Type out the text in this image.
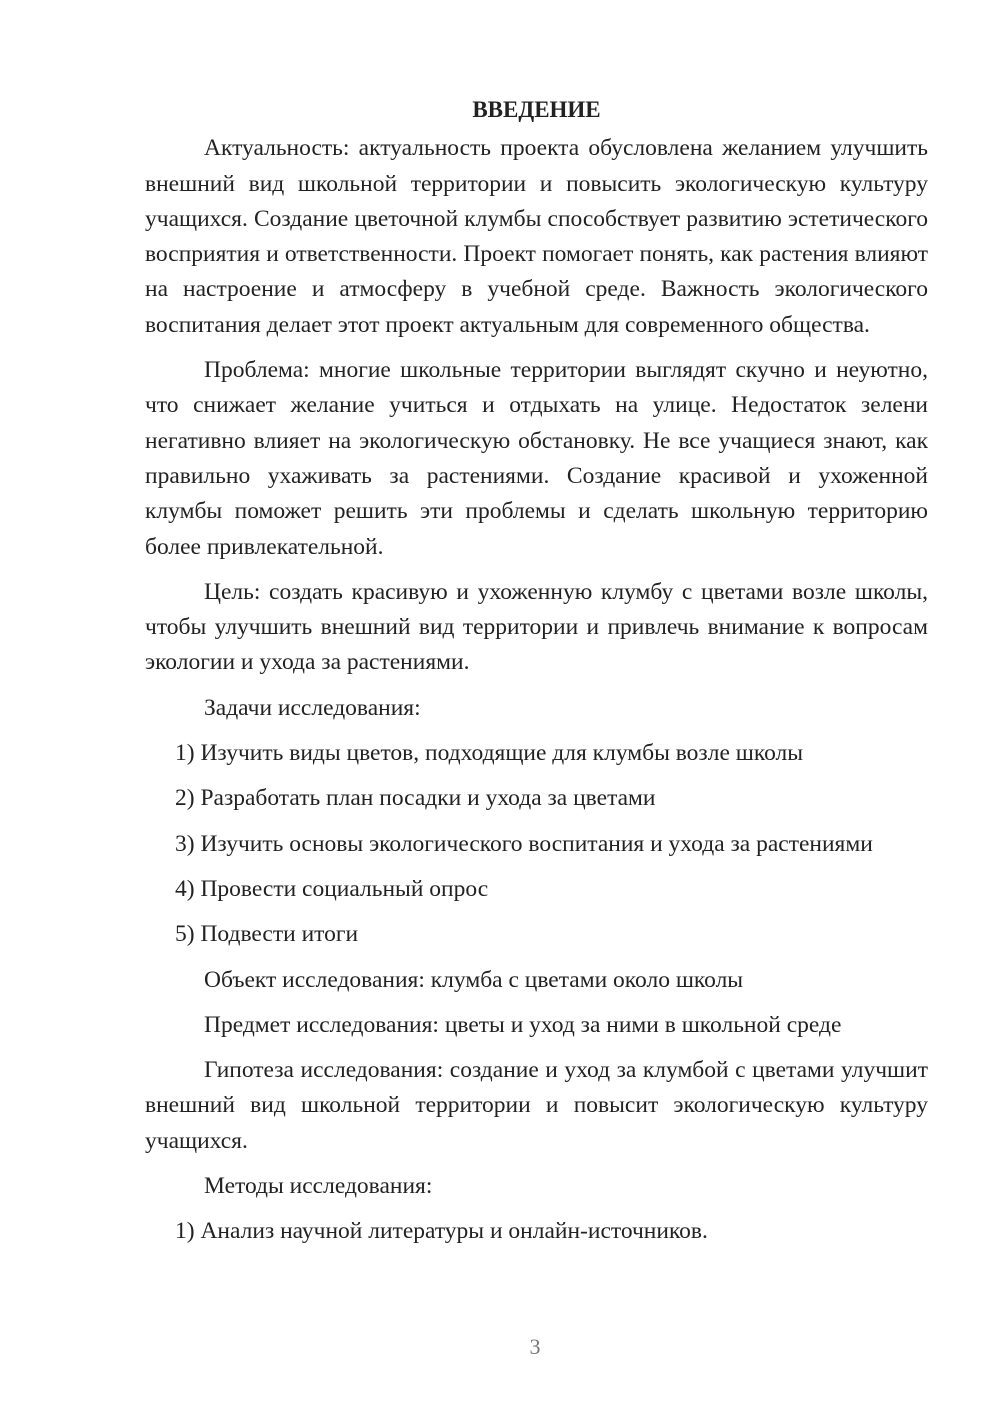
ВВЕДЕНИЕ

Актуальность: актуальность проекта обусловлена желанием улучшить внешний вид школьной территории и повысить экологическую культуру учащихся. Создание цветочной клумбы способствует развитию эстетического восприятия и ответственности. Проект помогает понять, как растения влияют на настроение и атмосферу в учебной среде. Важность экологического воспитания делает этот проект актуальным для современного общества.

Проблема: многие школьные территории выглядят скучно и неуютно, что снижает желание учиться и отдыхать на улице. Недостаток зелени негативно влияет на экологическую обстановку. Не все учащиеся знают, как правильно ухаживать за растениями. Создание красивой и ухоженной клумбы поможет решить эти проблемы и сделать школьную территорию более привлекательной.

Цель: создать красивую и ухоженную клумбу с цветами возле школы, чтобы улучшить внешний вид территории и привлечь внимание к вопросам экологии и ухода за растениями.

Задачи исследования:

1) Изучить виды цветов, подходящие для клумбы возле школы

2) Разработать план посадки и ухода за цветами

3) Изучить основы экологического воспитания и ухода за растениями

4) Провести социальный опрос

5) Подвести итоги

Объект исследования: клумба с цветами около школы

Предмет исследования: цветы и уход за ними в школьной среде

Гипотеза исследования: создание и уход за клумбой с цветами улучшит внешний вид школьной территории и повысит экологическую культуру учащихся.

Методы исследования:

1) Анализ научной литературы и онлайн-источников.

3
